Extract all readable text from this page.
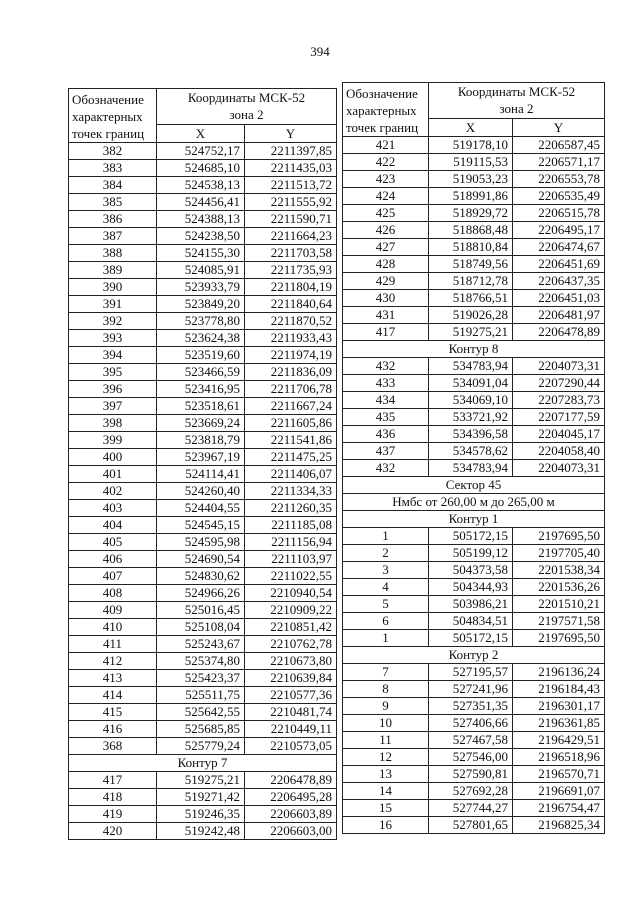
394
Обозначение
характерных
точек границ	Координаты МСК-52
зона 2	
	X	Y
382	524752,17	2211397,85
383	524685,10	2211435,03
384	524538,13	2211513,72
385	524456,41	2211555,92
386	524388,13	2211590,71
387	524238,50	2211664,23
388	524155,30	2211703,58
389	524085,91	2211735,93
390	523933,79	2211804,19
391	523849,20	2211840,64
392	523778,80	2211870,52
393	523624,38	2211933,43
394	523519,60	2211974,19
395	523466,59	2211836,09
396	523416,95	2211706,78
397	523518,61	2211667,24
398	523669,24	2211605,86
399	523818,79	2211541,86
400	523967,19	2211475,25
401	524114,41	2211406,07
402	524260,40	2211334,33
403	524404,55	2211260,35
404	524545,15	2211185,08
405	524595,98	2211156,94
406	524690,54	2211103,97
407	524830,62	2211022,55
408	524966,26	2210940,54
409	525016,45	2210909,22
410	525108,04	2210851,42
411	525243,67	2210762,78
412	525374,80	2210673,80
413	525423,37	2210639,84
414	525511,75	2210577,36
415	525642,55	2210481,74
416	525685,85	2210449,11
368	525779,24	2210573,05
Контур 7		
417	519275,21	2206478,89
418	519271,42	2206495,28
419	519246,35	2206603,89
420	519242,48	2206603,00
Обозначение
характерных
точек границ	Координаты МСК-52
зона 2	
	X	Y
421	519178,10	2206587,45
422	519115,53	2206571,17
423	519053,23	2206553,78
424	518991,86	2206535,49
425	518929,72	2206515,78
426	518868,48	2206495,17
427	518810,84	2206474,67
428	518749,56	2206451,69
429	518712,78	2206437,35
430	518766,51	2206451,03
431	519026,28	2206481,97
417	519275,21	2206478,89
Контур 8		
432	534783,94	2204073,31
433	534091,04	2207290,44
434	534069,10	2207283,73
435	533721,92	2207177,59
436	534396,58	2204045,17
437	534578,62	2204058,40
432	534783,94	2204073,31
Сектор 45		
Нмбс от 260,00 м до 265,00 м		
Контур 1		
1	505172,15	2197695,50
2	505199,12	2197705,40
3	504373,58	2201538,34
4	504344,93	2201536,26
5	503986,21	2201510,21
6	504834,51	2197571,58
1	505172,15	2197695,50
Контур 2		
7	527195,57	2196136,24
8	527241,96	2196184,43
9	527351,35	2196301,17
10	527406,66	2196361,85
11	527467,58	2196429,51
12	527546,00	2196518,96
13	527590,81	2196570,71
14	527692,28	2196691,07
15	527744,27	2196754,47
16	527801,65	2196825,34
